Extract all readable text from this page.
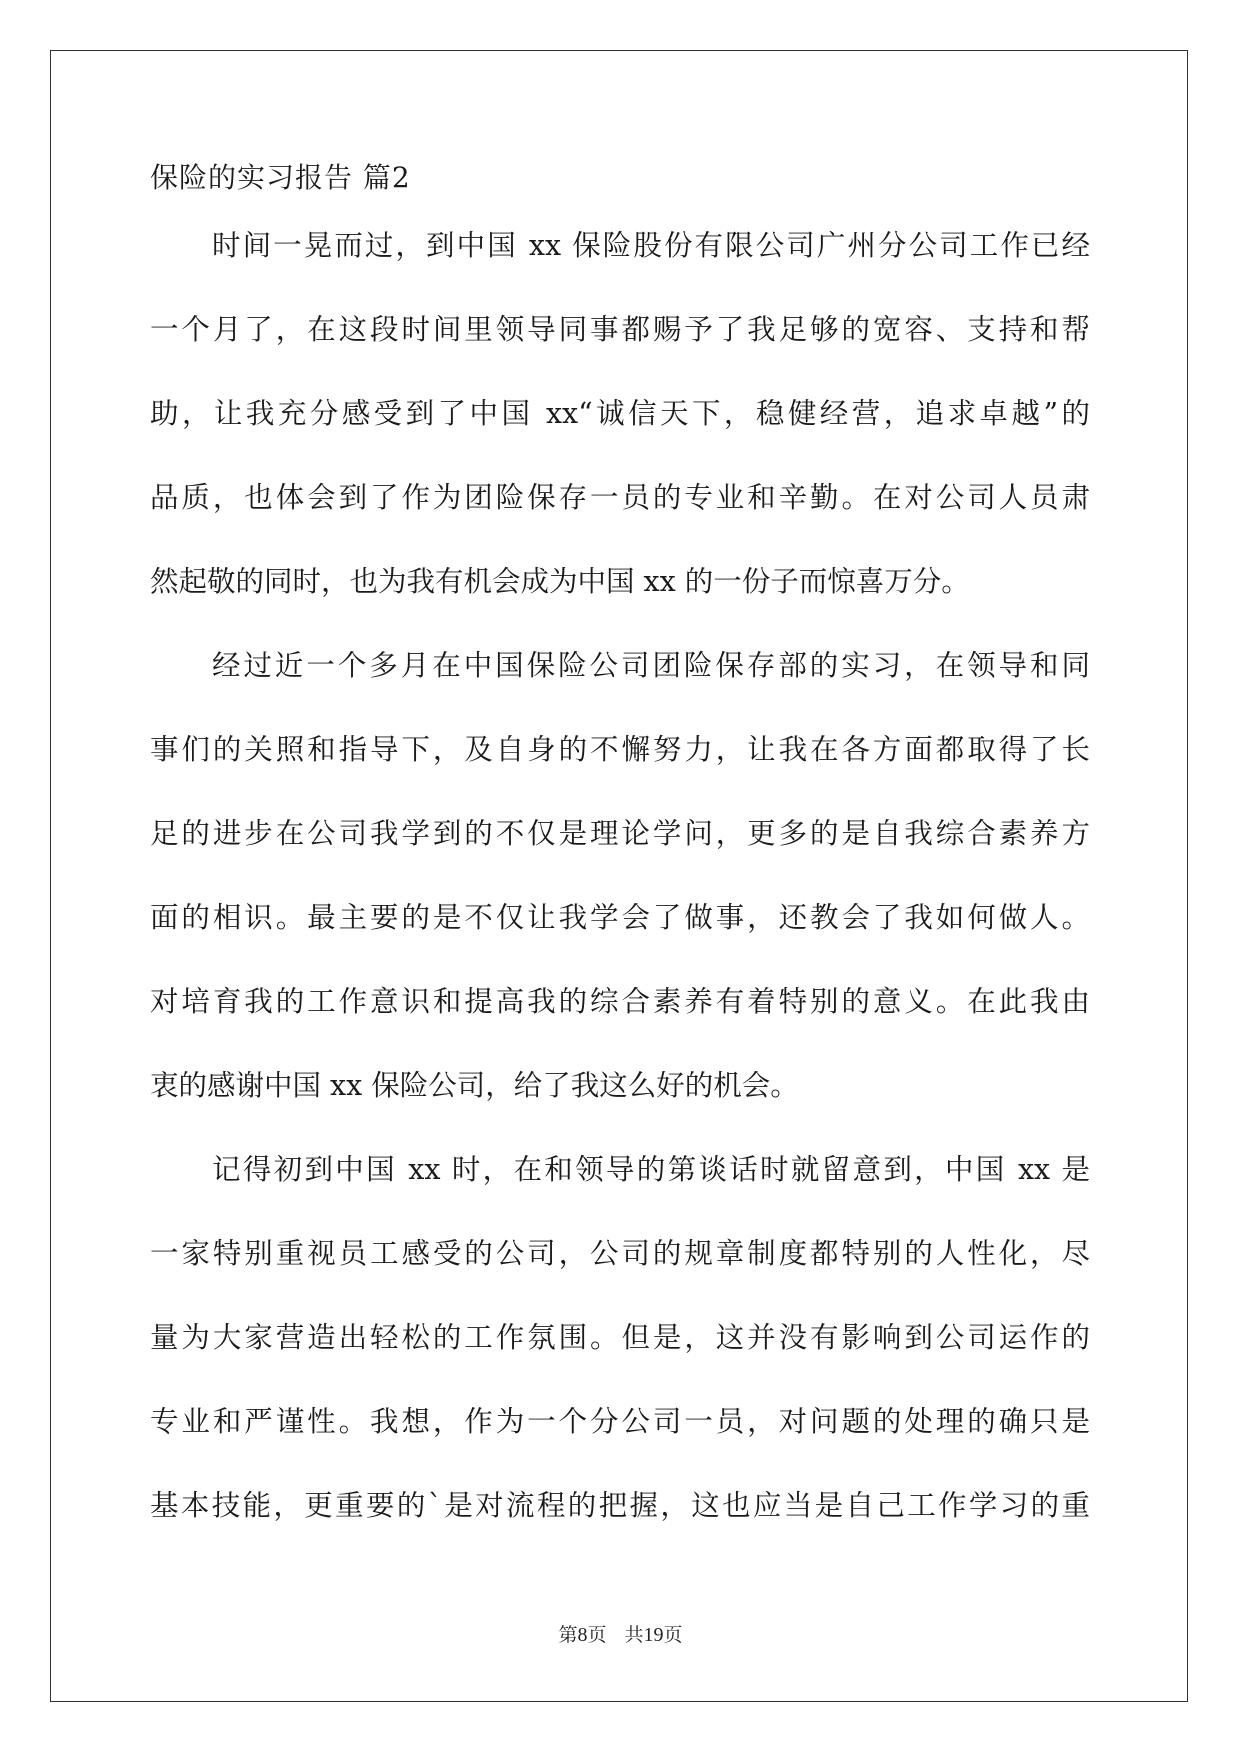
保险的实习报告 篇2
时间一晃而过，到中国 xx 保险股份有限公司广州分公司工作已经
一个月了，在这段时间里领导同事都赐予了我足够的宽容、支持和帮
助，让我充分感受到了中国 xx“诚信天下，稳健经营，追求卓越”的
品质，也体会到了作为团险保存一员的专业和辛勤。在对公司人员肃
然起敬的同时，也为我有机会成为中国 xx 的一份子而惊喜万分。
经过近一个多月在中国保险公司团险保存部的实习，在领导和同
事们的关照和指导下，及自身的不懈努力，让我在各方面都取得了长
足的进步在公司我学到的不仅是理论学问，更多的是自我综合素养方
面的相识。最主要的是不仅让我学会了做事，还教会了我如何做人。
对培育我的工作意识和提高我的综合素养有着特别的意义。在此我由
衷的感谢中国 xx 保险公司，给了我这么好的机会。
记得初到中国 xx 时，在和领导的第谈话时就留意到，中国 xx 是
一家特别重视员工感受的公司，公司的规章制度都特别的人性化，尽
量为大家营造出轻松的工作氛围。但是，这并没有影响到公司运作的
专业和严谨性。我想，作为一个分公司一员，对问题的处理的确只是
基本技能，更重要的`是对流程的把握，这也应当是自己工作学习的重
第8页 共19页
